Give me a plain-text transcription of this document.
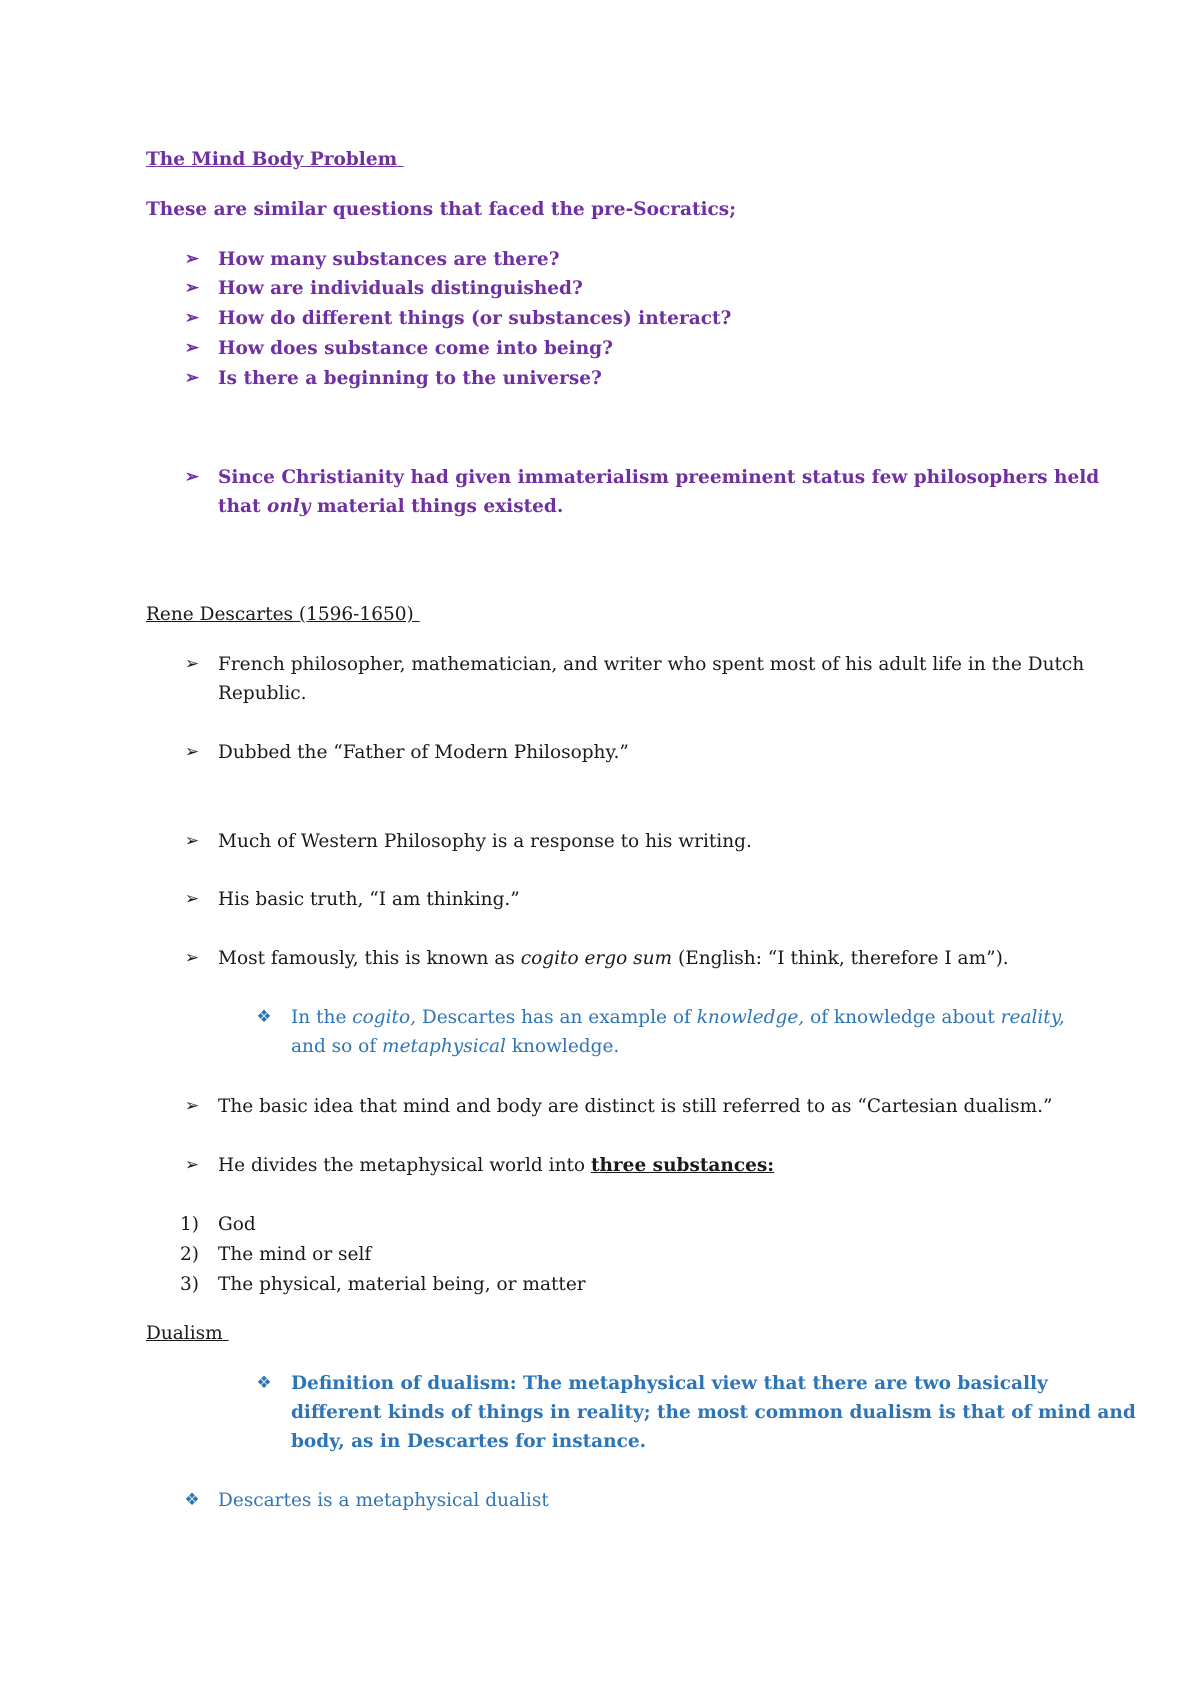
The Mind Body Problem
These are similar questions that faced the pre-Socratics;
➢ How many substances are there?
➢ How are individuals distinguished?
➢ How do different things (or substances) interact?
➢ How does substance come into being?
➢ Is there a beginning to the universe?
➢ Since Christianity had given immaterialism preeminent status few philosophers held
that only material things existed.
Rene Descartes (1596-1650)
➢ French philosopher, mathematician, and writer who spent most of his adult life in the Dutch
Republic.
➢ Dubbed the “Father of Modern Philosophy.”
➢ Much of Western Philosophy is a response to his writing.
➢ His basic truth, “I am thinking.”
➢ Most famously, this is known as cogito ergo sum (English: “I think, therefore I am”).
❖ In the cogito, Descartes has an example of knowledge, of knowledge about reality,
and so of metaphysical knowledge.
➢ The basic idea that mind and body are distinct is still referred to as “Cartesian dualism.”
➢ He divides the metaphysical world into three substances:
1)	God
2)	The mind or self
3)	The physical, material being, or matter
Dualism
❖ Definition of dualism: The metaphysical view that there are two basically
different kinds of things in reality; the most common dualism is that of mind and
body, as in Descartes for instance.
❖ Descartes is a metaphysical dualist
